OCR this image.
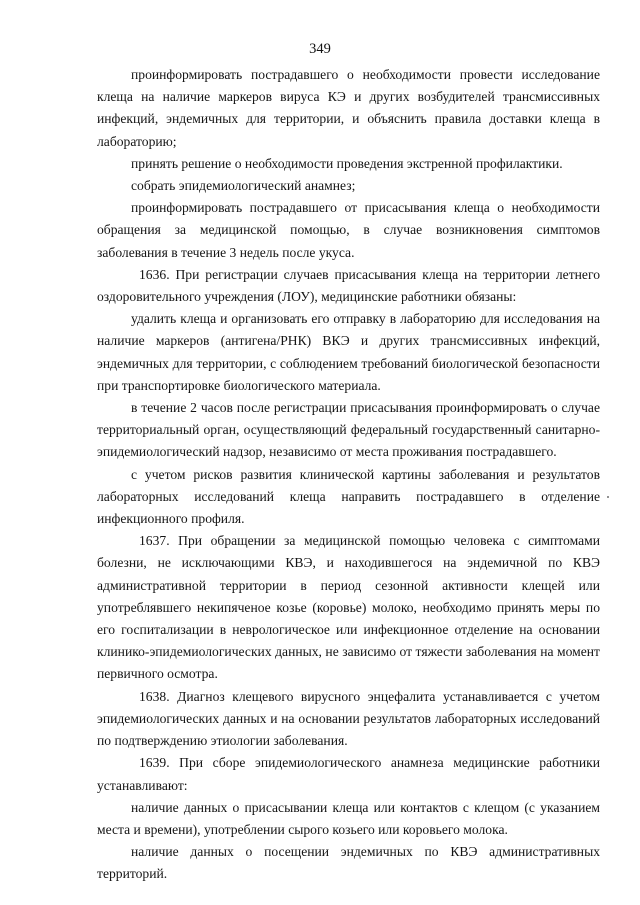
349

проинформировать пострадавшего о необходимости провести исследование клеща на наличие маркеров вируса КЭ и других возбудителей трансмиссивных инфекций, эндемичных для территории, и объяснить правила доставки клеща в лабораторию;

принять решение о необходимости проведения экстренной профилактики.

собрать эпидемиологический анамнез;

проинформировать пострадавшего от присасывания клеща о необходимости обращения за медицинской помощью, в случае возникновения симптомов заболевания в течение 3 недель после укуса.

1636. При регистрации случаев присасывания клеща на территории летнего оздоровительного учреждения (ЛОУ), медицинские работники обязаны:

удалить клеща и организовать его отправку в лабораторию для исследования на наличие маркеров (антигена/РНК) ВКЭ и других трансмиссивных инфекций, эндемичных для территории, с соблюдением требований биологической безопасности при транспортировке биологического материала.

в течение 2 часов после регистрации присасывания проинформировать о случае территориальный орган, осуществляющий федеральный государственный санитарно-эпидемиологический надзор, независимо от места проживания пострадавшего.

с учетом рисков развития клинической картины заболевания и результатов лабораторных исследований клеща направить пострадавшего в отделение инфекционного профиля.

1637. При обращении за медицинской помощью человека с симптомами болезни, не исключающими КВЭ, и находившегося на эндемичной по КВЭ административной территории в период сезонной активности клещей или употреблявшего некипяченое козье (коровье) молоко, необходимо принять меры по его госпитализации в неврологическое или инфекционное отделение на основании клинико-эпидемиологических данных, не зависимо от тяжести заболевания на момент первичного осмотра.

1638. Диагноз клещевого вирусного энцефалита устанавливается с учетом эпидемиологических данных и на основании результатов лабораторных исследований по подтверждению этиологии заболевания.

1639. При сборе эпидемиологического анамнеза медицинские работники устанавливают:

наличие данных о присасывании клеща или контактов с клещом (с указанием места и времени), употреблении сырого козьего или коровьего молока.

наличие данных о посещении эндемичных по КВЭ административных территорий.
